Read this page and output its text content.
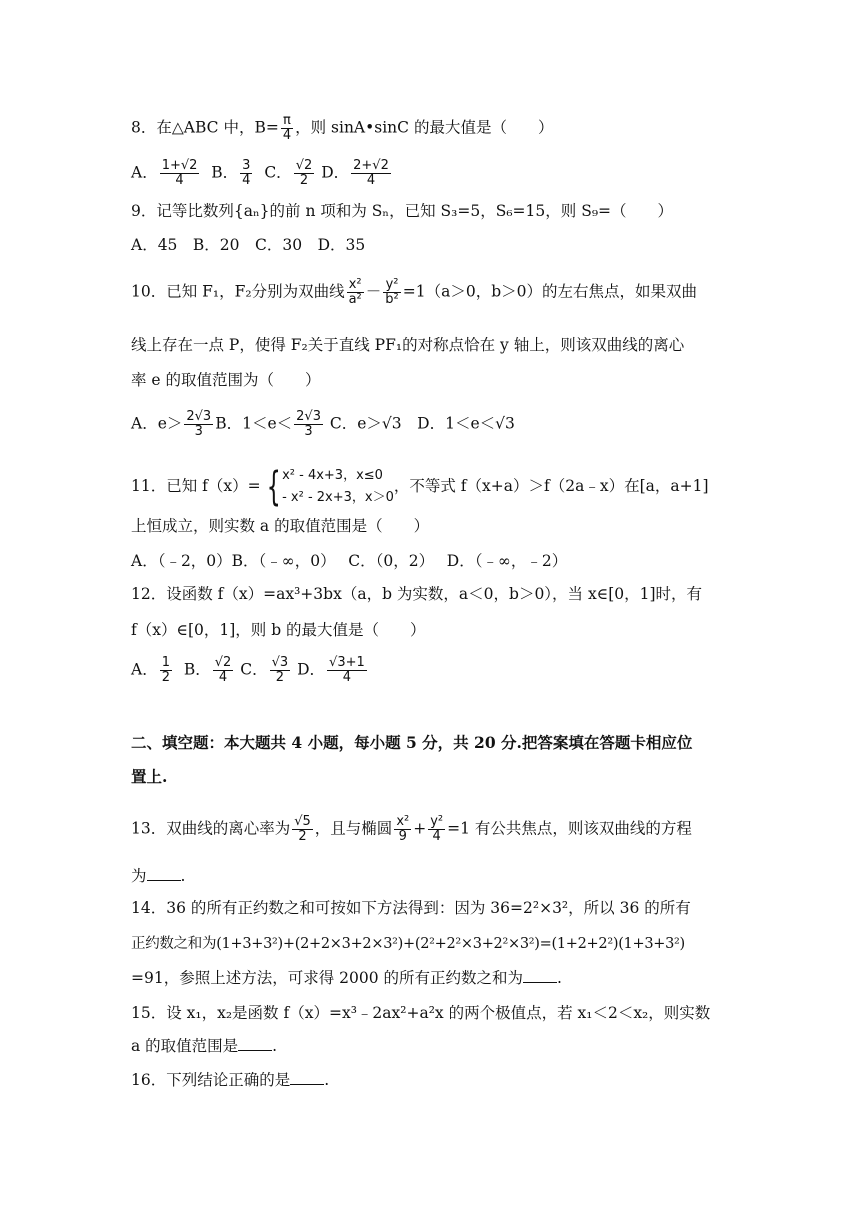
8．在△ABC 中，$B= \frac{\pi}{4}$ ，则 sinA•sinC 的最大值是（　　）
A． $\frac{1+√2}{4}$ B． $\frac{3}{4}$ C． $\frac{√2}{2}$ D． $\frac{2+√2}{4}$
9．记等比数列{aₙ}的前 n 项和为 Sₙ，已知 S₃=5，S₆=15，则 S₉=（　　）
A．45　B．20　C．30　D．35
10．已知 F₁，F₂分别为双曲线 $\frac{\text{x²}}{\text{a²}} - \frac{\text{y²}}{\text{b²}} =1(a>0$，b＞0）的左右焦点，如果双曲
线上存在一点 P，使得 F₂关于直线 PF₁的对称点恰在 y 轴上，则该双曲线的离心
率 e 的取值范围为（　　）
A．$e> \frac{2√3}{3}$ B．$1<e< \frac{2√3}{3}$ C．e＞√3　D．1＜e＜√3
11．已知 f（x）= { x² - 4x+3，x≤0
- x² - 2x+3，x＞0
，不等式 f（x+a）＞f（2a﹣x）在[a，a+1]
上恒成立，则实数 a 的取值范围是（　　）
A．（﹣2，0）B．（﹣∞，0）　 C．（0，2）　 D．（﹣∞，﹣2）
12．设函数 f（x）=ax³+3bx（a，b 为实数，a＜0，b＞0），当 x∈[0，1]时，有
f（x）∈[0，1]，则 b 的最大值是（　　）
A． $\frac{1}{2}$ B． $\frac{√2}{4}$ C． $\frac{√3}{2}$ D． $\frac{√3+1}{4}$
二、填空题：本大题共 4 小题，每小题 5 分，共 20 分.把答案填在答题卡相应位
置上.
13．双曲线的离心率为 $\frac{√5}{2}$ ，且与椭圆 $\frac{\text{x²}}{9} + \frac{\text{y²}}{4} =1$ 有公共焦点，则该双曲线的方程
为 .
14．36 的所有正约数之和可按如下方法得到：因为 36=2²×3²，所以 36 的所有
正约数之和为(1+3+3²)+(2+2×3+2×3²)+(2²+2²×3+2²×3²)=(1+2+2²)(1+3+3²)
=91，参照上述方法，可求得 2000 的所有正约数之和为 .
15．设 x₁，x₂是函数 f（x）=x³﹣2ax²+a²x 的两个极值点，若 x₁＜2＜x₂，则实数
a 的取值范围是 .
16．下列结论正确的是 .
